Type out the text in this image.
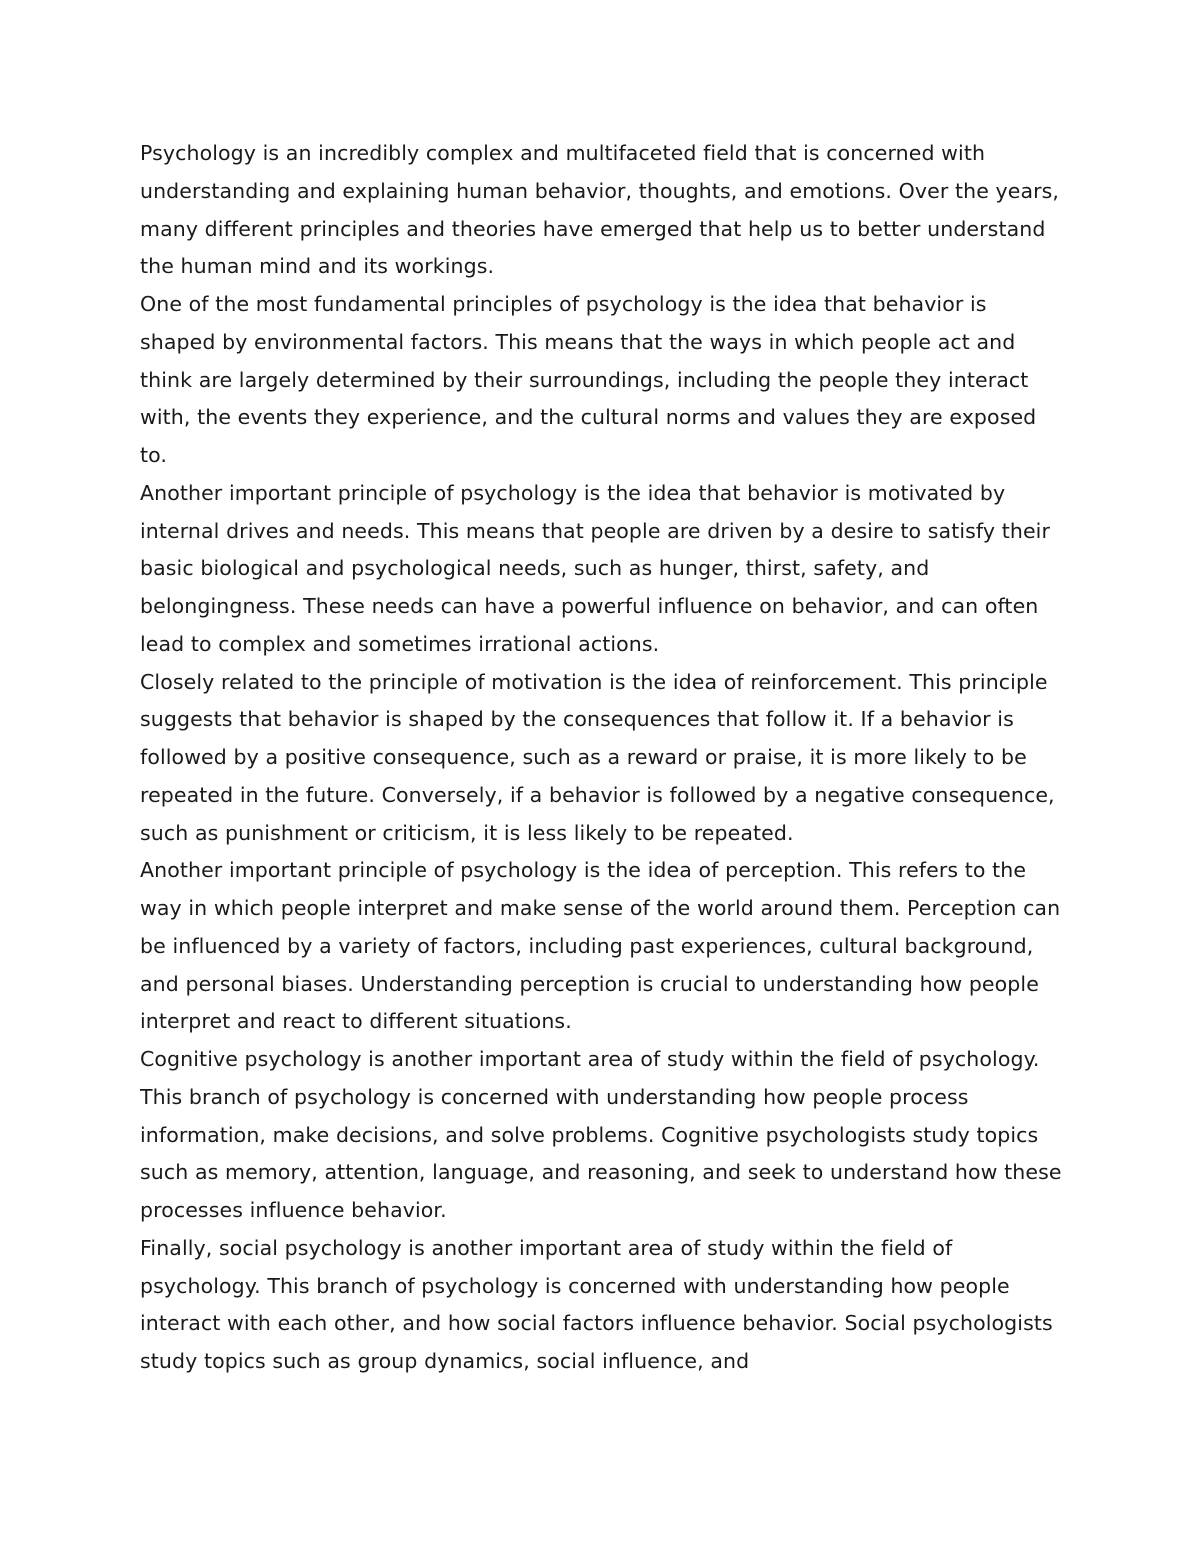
Psychology is an incredibly complex and multifaceted field that is concerned with understanding and explaining human behavior, thoughts, and emotions. Over the years, many different principles and theories have emerged that help us to better understand the human mind and its workings.

One of the most fundamental principles of psychology is the idea that behavior is shaped by environmental factors. This means that the ways in which people act and think are largely determined by their surroundings, including the people they interact with, the events they experience, and the cultural norms and values they are exposed to.

Another important principle of psychology is the idea that behavior is motivated by internal drives and needs. This means that people are driven by a desire to satisfy their basic biological and psychological needs, such as hunger, thirst, safety, and belongingness. These needs can have a powerful influence on behavior, and can often lead to complex and sometimes irrational actions.

Closely related to the principle of motivation is the idea of reinforcement. This principle suggests that behavior is shaped by the consequences that follow it. If a behavior is followed by a positive consequence, such as a reward or praise, it is more likely to be repeated in the future. Conversely, if a behavior is followed by a negative consequence, such as punishment or criticism, it is less likely to be repeated.

Another important principle of psychology is the idea of perception. This refers to the way in which people interpret and make sense of the world around them. Perception can be influenced by a variety of factors, including past experiences, cultural background, and personal biases. Understanding perception is crucial to understanding how people interpret and react to different situations.

Cognitive psychology is another important area of study within the field of psychology. This branch of psychology is concerned with understanding how people process information, make decisions, and solve problems. Cognitive psychologists study topics such as memory, attention, language, and reasoning, and seek to understand how these processes influence behavior.

Finally, social psychology is another important area of study within the field of psychology. This branch of psychology is concerned with understanding how people interact with each other, and how social factors influence behavior. Social psychologists study topics such as group dynamics, social influence, and
